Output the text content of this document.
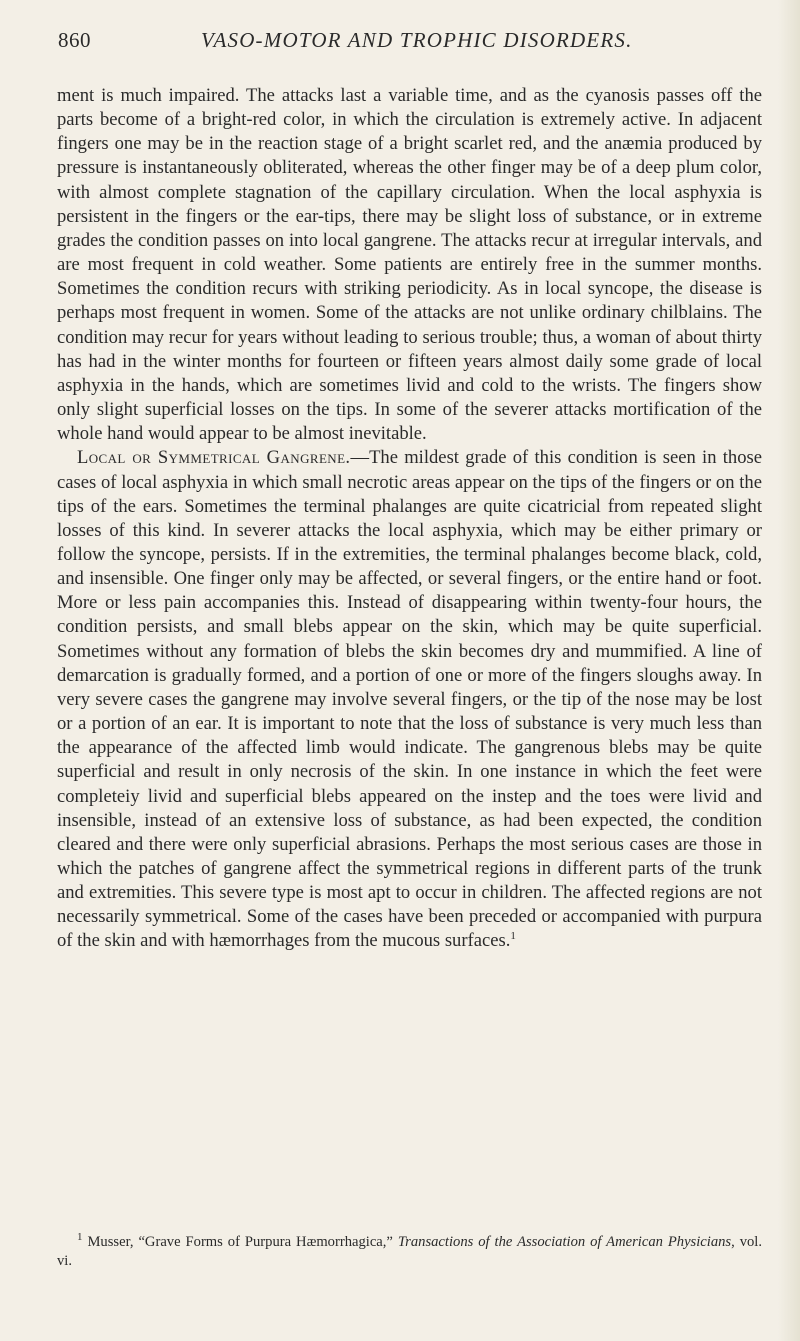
860	VASO-MOTOR AND TROPHIC DISORDERS.

ment is much impaired. The attacks last a variable time, and as the cyanosis passes off the parts become of a bright-red color, in which the circulation is extremely active. In adjacent fingers one may be in the reaction stage of a bright scarlet red, and the anæmia produced by pressure is instantaneously obliterated, whereas the other finger may be of a deep plum color, with almost complete stagnation of the capillary circulation. When the local asphyxia is persistent in the fingers or the ear-tips, there may be slight loss of substance, or in extreme grades the condition passes on into local gangrene. The attacks recur at irregular intervals, and are most frequent in cold weather. Some patients are entirely free in the summer months. Sometimes the condition recurs with striking periodicity. As in local syncope, the disease is perhaps most frequent in women. Some of the attacks are not unlike ordinary chilblains. The condition may recur for years without leading to serious trouble; thus, a woman of about thirty has had in the winter months for fourteen or fifteen years almost daily some grade of local asphyxia in the hands, which are sometimes livid and cold to the wrists. The fingers show only slight superficial losses on the tips. In some of the severer attacks mortification of the whole hand would appear to be almost inevitable.

Local or Symmetrical Gangrene.—The mildest grade of this condition is seen in those cases of local asphyxia in which small necrotic areas appear on the tips of the fingers or on the tips of the ears. Sometimes the terminal phalanges are quite cicatricial from repeated slight losses of this kind. In severer attacks the local asphyxia, which may be either primary or follow the syncope, persists. If in the extremities, the terminal phalanges become black, cold, and insensible. One finger only may be affected, or several fingers, or the entire hand or foot. More or less pain accompanies this. Instead of disappearing within twenty-four hours, the condition persists, and small blebs appear on the skin, which may be quite superficial. Sometimes without any formation of blebs the skin becomes dry and mummified. A line of demarcation is gradually formed, and a portion of one or more of the fingers sloughs away. In very severe cases the gangrene may involve several fingers, or the tip of the nose may be lost or a portion of an ear. It is important to note that the loss of substance is very much less than the appearance of the affected limb would indicate. The gangrenous blebs may be quite superficial and result in only necrosis of the skin. In one instance in which the feet were completeiy livid and superficial blebs appeared on the instep and the toes were livid and insensible, instead of an extensive loss of substance, as had been expected, the condition cleared and there were only superficial abrasions. Perhaps the most serious cases are those in which the patches of gangrene affect the symmetrical regions in different parts of the trunk and extremities. This severe type is most apt to occur in children. The affected regions are not necessarily symmetrical. Some of the cases have been preceded or accompanied with purpura of the skin and with hæmorrhages from the mucous surfaces.$^1$

$^1$ Musser, “Grave Forms of Purpura Hæmorrhagica,” Transactions of the Association of American Physicians, vol. vi.
